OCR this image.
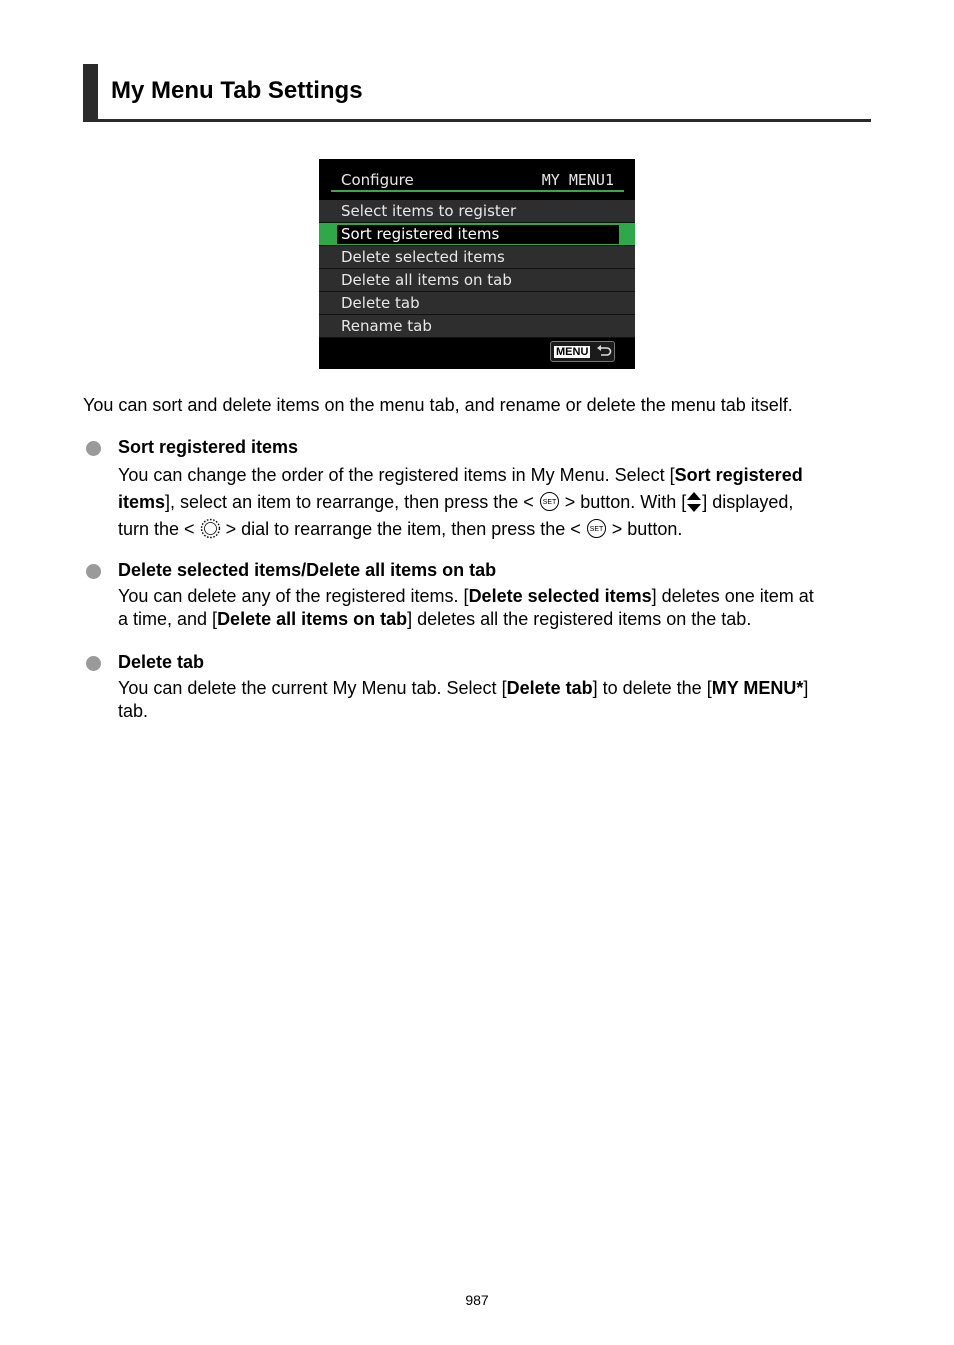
My Menu Tab Settings
Configure	MY MENU1
Select items to register
Sort registered items
Delete selected items
Delete all items on tab
Delete tab
Rename tab
MENU

You can sort and delete items on the menu tab, and rename or delete the menu tab itself.

Sort registered items
You can change the order of the registered items in My Menu. Select [Sort registered
items], select an item to rearrange, then press the < SET > button. With [ ] displayed,
turn the <  > dial to rearrange the item, then press the < SET > button.
Delete selected items/Delete all items on tab
You can delete any of the registered items. [Delete selected items] deletes one item at
a time, and [Delete all items on tab] deletes all the registered items on the tab.
Delete tab
You can delete the current My Menu tab. Select [Delete tab] to delete the [MY MENU*]
tab.
987
